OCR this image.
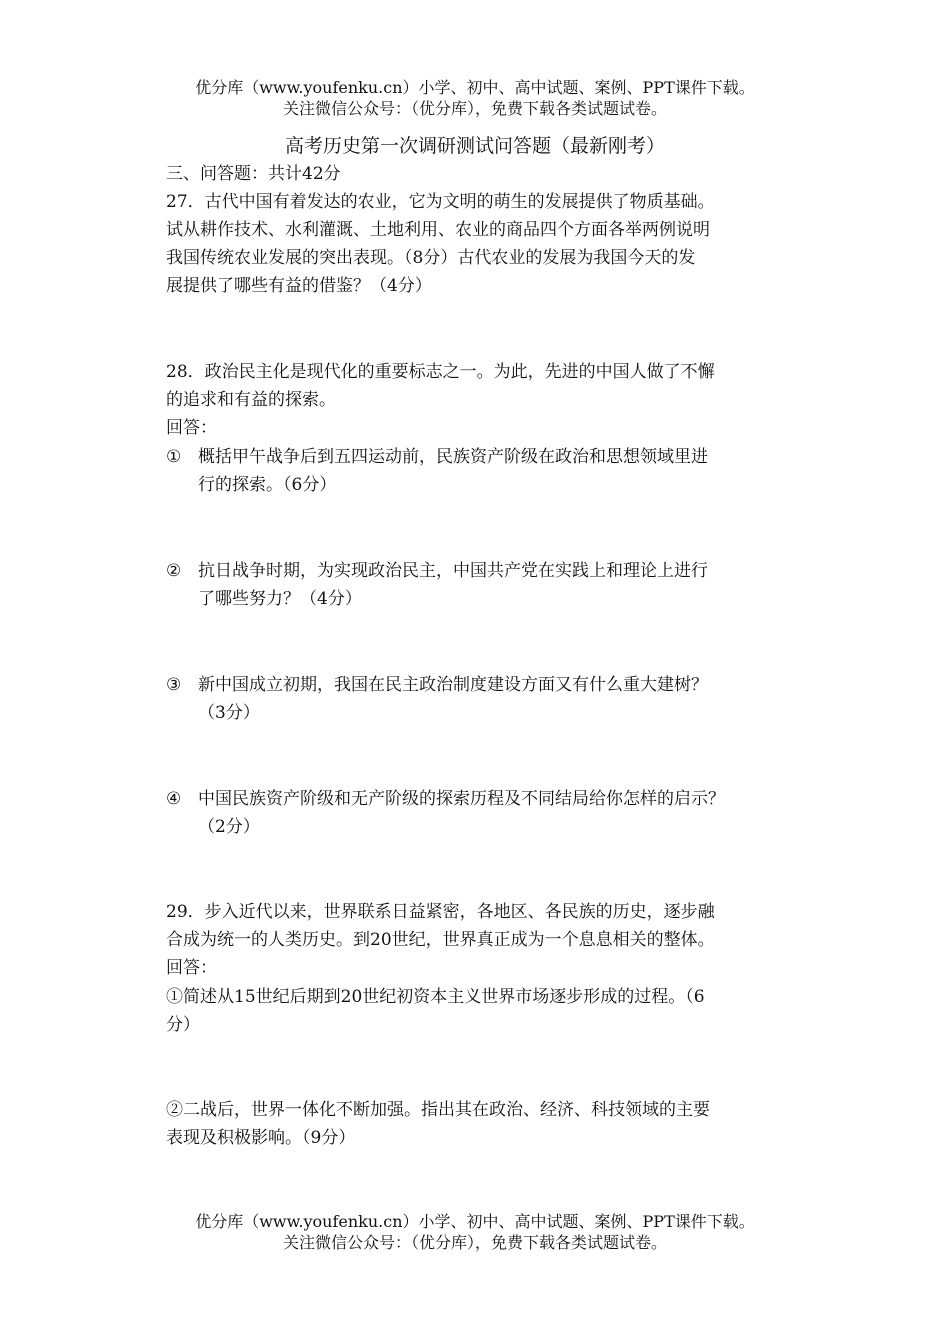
优分库（www.youfenku.cn）小学、初中、高中试题、案例、PPT课件下载。
关注微信公众号：（优分库），免费下载各类试题试卷。
高考历史第一次调研测试问答题（最新刚考）
三、问答题：共计42分
27．古代中国有着发达的农业，它为文明的萌生的发展提供了物质基础。
试从耕作技术、水利灌溉、土地利用、农业的商品四个方面各举两例说明
我国传统农业发展的突出表现。（8分）古代农业的发展为我国今天的发
展提供了哪些有益的借鉴？（4分）
28．政治民主化是现代化的重要标志之一。为此，先进的中国人做了不懈
的追求和有益的探索。
回答：
① 概括甲午战争后到五四运动前，民族资产阶级在政治和思想领域里进
行的探索。（6分）
② 抗日战争时期，为实现政治民主，中国共产党在实践上和理论上进行
了哪些努力？（4分）
③ 新中国成立初期，我国在民主政治制度建设方面又有什么重大建树？
（3分）
④ 中国民族资产阶级和无产阶级的探索历程及不同结局给你怎样的启示？
（2分）
29．步入近代以来，世界联系日益紧密，各地区、各民族的历史，逐步融
合成为统一的人类历史。到20世纪，世界真正成为一个息息相关的整体。
回答：
①简述从15世纪后期到20世纪初资本主义世界市场逐步形成的过程。（6
分）
②二战后，世界一体化不断加强。指出其在政治、经济、科技领域的主要
表现及积极影响。（9分）
优分库（www.youfenku.cn）小学、初中、高中试题、案例、PPT课件下载。
关注微信公众号：（优分库），免费下载各类试题试卷。
